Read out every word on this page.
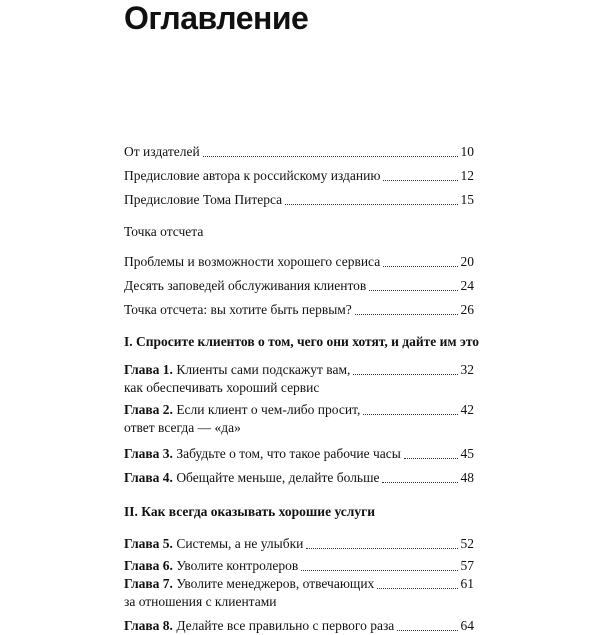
Оглавление
От издателей	10
Предисловие автора к российскому изданию	12
Предисловие Тома Питерса	15
Точка отсчета
Проблемы и возможности хорошего сервиса	20
Десять заповедей обслуживания клиентов	24
Точка отсчета: вы хотите быть первым?	26
I. Спросите клиентов о том, чего они хотят, и дайте им это
Глава 1. Клиенты сами подскажут вам,	32
как обеспечивать хороший сервис
Глава 2. Если клиент о чем-либо просит,	42
ответ всегда — «да»
Глава 3. Забудьте о том, что такое рабочие часы	45
Глава 4. Обещайте меньше, делайте больше	48
II. Как всегда оказывать хорошие услуги
Глава 5. Системы, а не улыбки	52
Глава 6. Уволите контролеров	57
Глава 7. Уволите менеджеров, отвечающих	61
за отношения с клиентами
Глава 8. Делайте все правильно с первого раза	64
